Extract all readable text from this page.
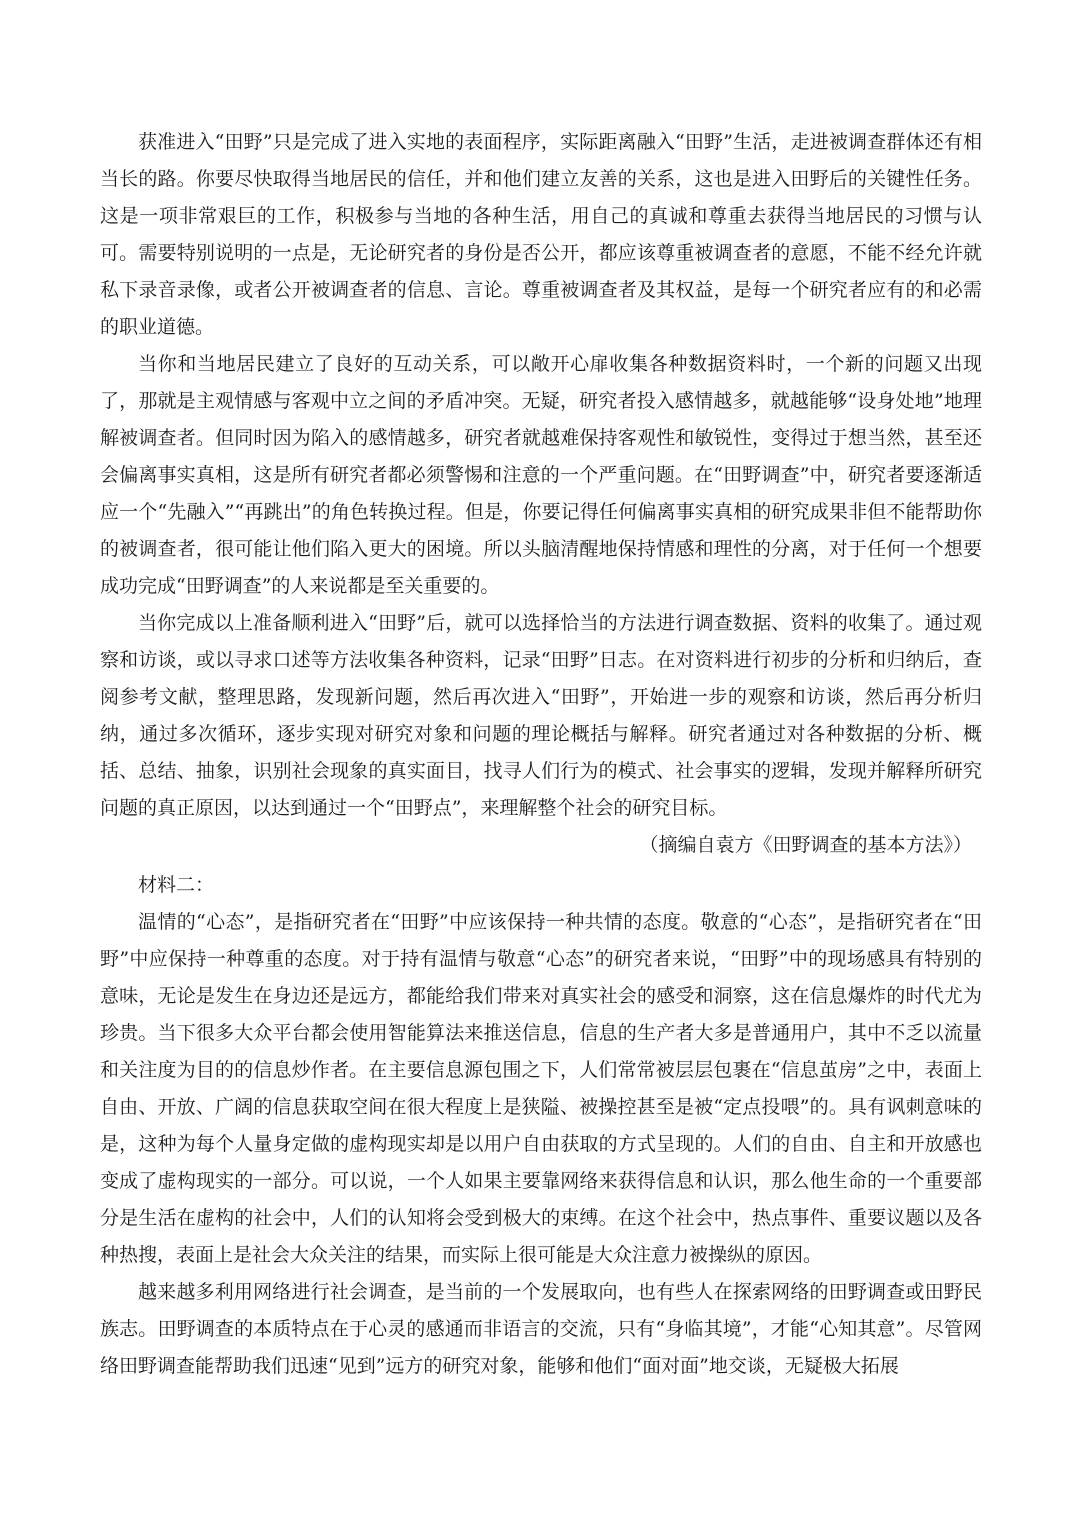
获准进入“田野”只是完成了进入实地的表面程序，实际距离融入“田野”生活，走进被调查群体还有相当长的路。你要尽快取得当地居民的信任，并和他们建立友善的关系，这也是进入田野后的关键性任务。这是一项非常艰巨的工作，积极参与当地的各种生活，用自己的真诚和尊重去获得当地居民的习惯与认可。需要特别说明的一点是，无论研究者的身份是否公开，都应该尊重被调查者的意愿，不能不经允许就私下录音录像，或者公开被调查者的信息、言论。尊重被调查者及其权益，是每一个研究者应有的和必需的职业道德。

当你和当地居民建立了良好的互动关系，可以敞开心扉收集各种数据资料时，一个新的问题又出现了，那就是主观情感与客观中立之间的矛盾冲突。无疑，研究者投入感情越多，就越能够“设身处地”地理解被调查者。但同时因为陷入的感情越多，研究者就越难保持客观性和敏锐性，变得过于想当然，甚至还会偏离事实真相，这是所有研究者都必须警惕和注意的一个严重问题。在“田野调查”中，研究者要逐渐适应一个“先融入”“再跳出”的角色转换过程。但是，你要记得任何偏离事实真相的研究成果非但不能帮助你的被调查者，很可能让他们陷入更大的困境。所以头脑清醒地保持情感和理性的分离，对于任何一个想要成功完成“田野调查”的人来说都是至关重要的。

当你完成以上准备顺利进入“田野”后，就可以选择恰当的方法进行调查数据、资料的收集了。通过观察和访谈，或以寻求口述等方法收集各种资料，记录“田野”日志。在对资料进行初步的分析和归纳后，查阅参考文献，整理思路，发现新问题，然后再次进入“田野”，开始进一步的观察和访谈，然后再分析归纳，通过多次循环，逐步实现对研究对象和问题的理论概括与解释。研究者通过对各种数据的分析、概括、总结、抽象，识别社会现象的真实面目，找寻人们行为的模式、社会事实的逻辑，发现并解释所研究问题的真正原因，以达到通过一个“田野点”，来理解整个社会的研究目标。

（摘编自袁方《田野调查的基本方法》）

材料二：

温情的“心态”，是指研究者在“田野”中应该保持一种共情的态度。敬意的“心态”，是指研究者在“田野”中应保持一种尊重的态度。对于持有温情与敬意“心态”的研究者来说，“田野”中的现场感具有特别的意味，无论是发生在身边还是远方，都能给我们带来对真实社会的感受和洞察，这在信息爆炸的时代尤为珍贵。当下很多大众平台都会使用智能算法来推送信息，信息的生产者大多是普通用户，其中不乏以流量和关注度为目的的信息炒作者。在主要信息源包围之下，人们常常被层层包裹在“信息茧房”之中，表面上自由、开放、广阔的信息获取空间在很大程度上是狭隘、被操控甚至是被“定点投喂”的。具有讽刺意味的是，这种为每个人量身定做的虚构现实却是以用户自由获取的方式呈现的。人们的自由、自主和开放感也变成了虚构现实的一部分。可以说，一个人如果主要靠网络来获得信息和认识，那么他生命的一个重要部分是生活在虚构的社会中，人们的认知将会受到极大的束缚。在这个社会中，热点事件、重要议题以及各种热搜，表面上是社会大众关注的结果，而实际上很可能是大众注意力被操纵的原因。

越来越多利用网络进行社会调查，是当前的一个发展取向，也有些人在探索网络的田野调查或田野民族志。田野调查的本质特点在于心灵的感通而非语言的交流，只有“身临其境”，才能“心知其意”。尽管网络田野调查能帮助我们迅速“见到”远方的研究对象，能够和他们“面对面”地交谈，无疑极大拓展
